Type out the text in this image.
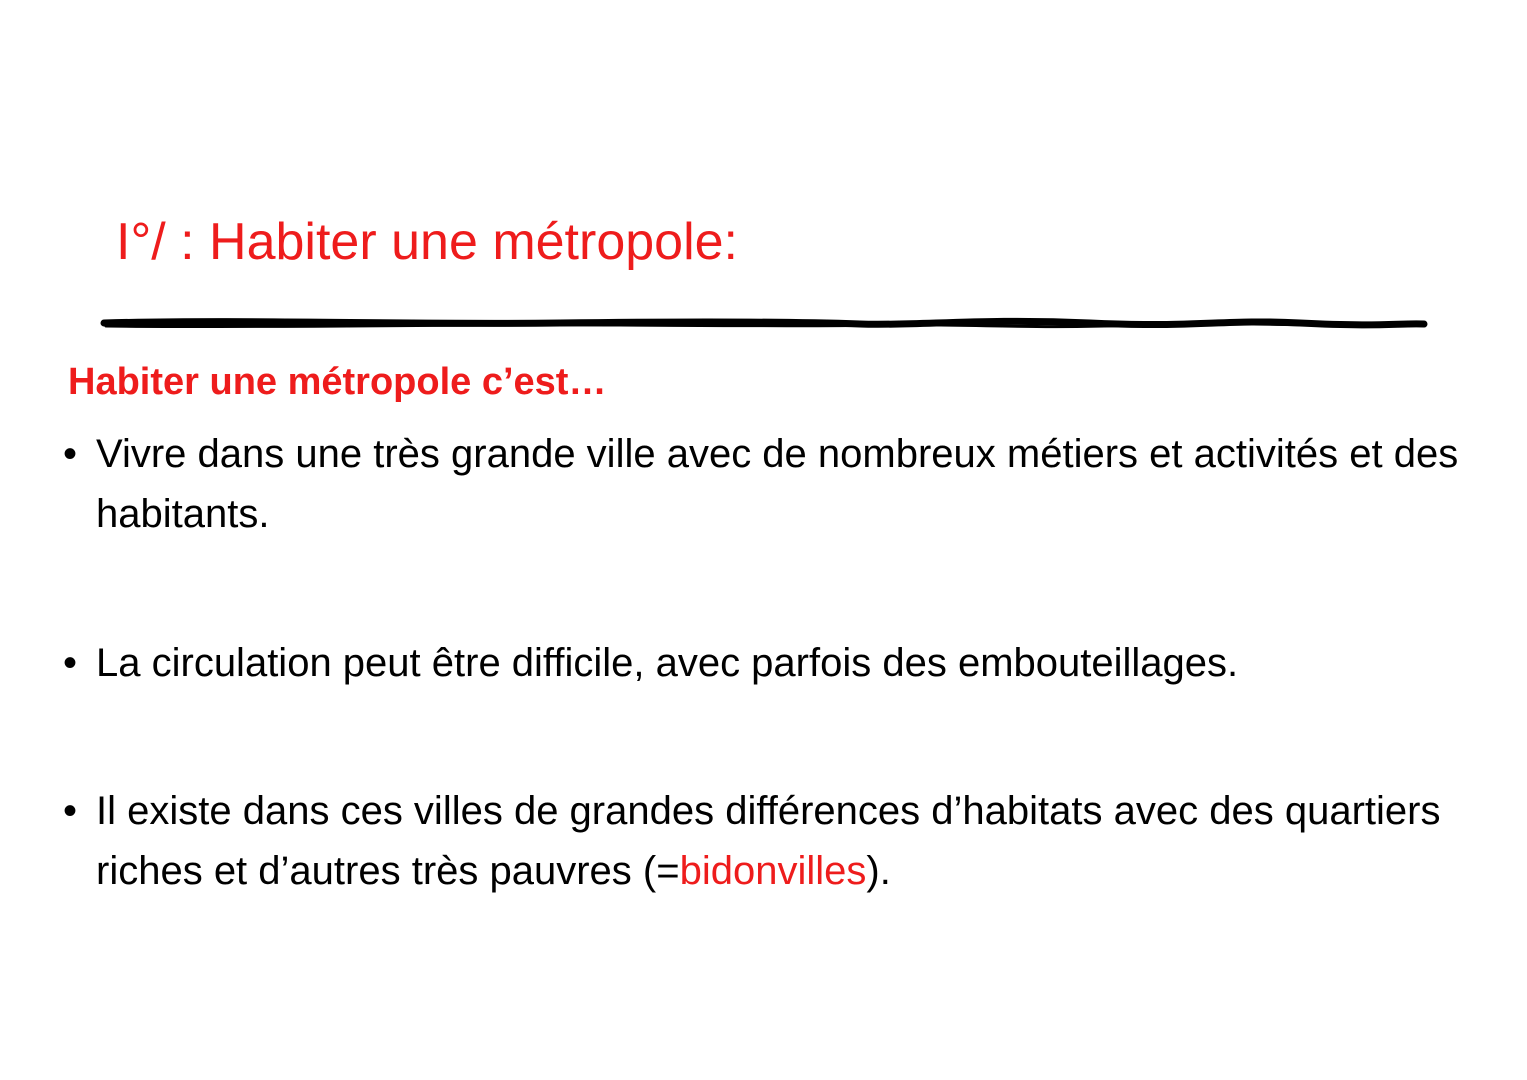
I°/ : Habiter une métropole:
Habiter une métropole c’est…
• Vivre dans une très grande ville avec de nombreux métiers et activités et des habitants.
• La circulation peut être difficile, avec parfois des embouteillages.
• Il existe dans ces villes de grandes différences d’habitats avec des quartiers riches et d’autres très pauvres (=bidonvilles).
